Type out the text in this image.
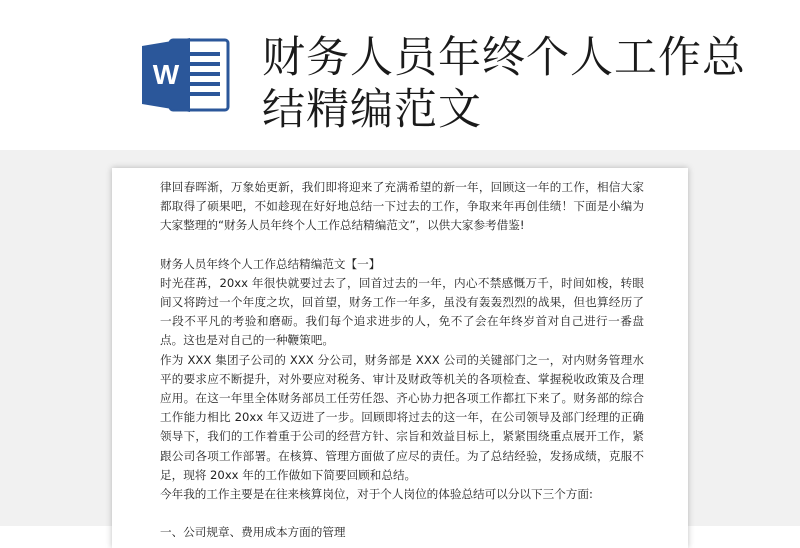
W 财务人员年终个人工作总结精编范文

律回春晖渐，万象始更新，我们即将迎来了充满希望的新一年，回顾这一年的工作，相信大家都取得了硕果吧，不如趁现在好好地总结一下过去的工作，争取来年再创佳绩！下面是小编为大家整理的“财务人员年终个人工作总结精编范文”，以供大家参考借鉴!

财务人员年终个人工作总结精编范文【一】

时光荏苒，20xx 年很快就要过去了，回首过去的一年，内心不禁感慨万千，时间如梭，转眼间又将跨过一个年度之坎，回首望，财务工作一年多，虽没有轰轰烈烈的战果，但也算经历了一段不平凡的考验和磨砺。我们每个追求进步的人，免不了会在年终岁首对自己进行一番盘点。这也是对自己的一种鞭策吧。

作为 XXX 集团子公司的 XXX 分公司，财务部是 XXX 公司的关键部门之一，对内财务管理水平的要求应不断提升，对外要应对税务、审计及财政等机关的各项检查、掌握税收政策及合理应用。在这一年里全体财务部员工任劳任怨、齐心协力把各项工作都扛下来了。财务部的综合工作能力相比 20xx 年又迈进了一步。回顾即将过去的这一年，在公司领导及部门经理的正确领导下，我们的工作着重于公司的经营方针、宗旨和效益目标上，紧紧围绕重点展开工作，紧跟公司各项工作部署。在核算、管理方面做了应尽的责任。为了总结经验，发扬成绩，克服不足，现将 20xx 年的工作做如下简要回顾和总结。

今年我的工作主要是在往来核算岗位，对于个人岗位的体验总结可以分以下三个方面:

一、公司规章、费用成本方面的管理
